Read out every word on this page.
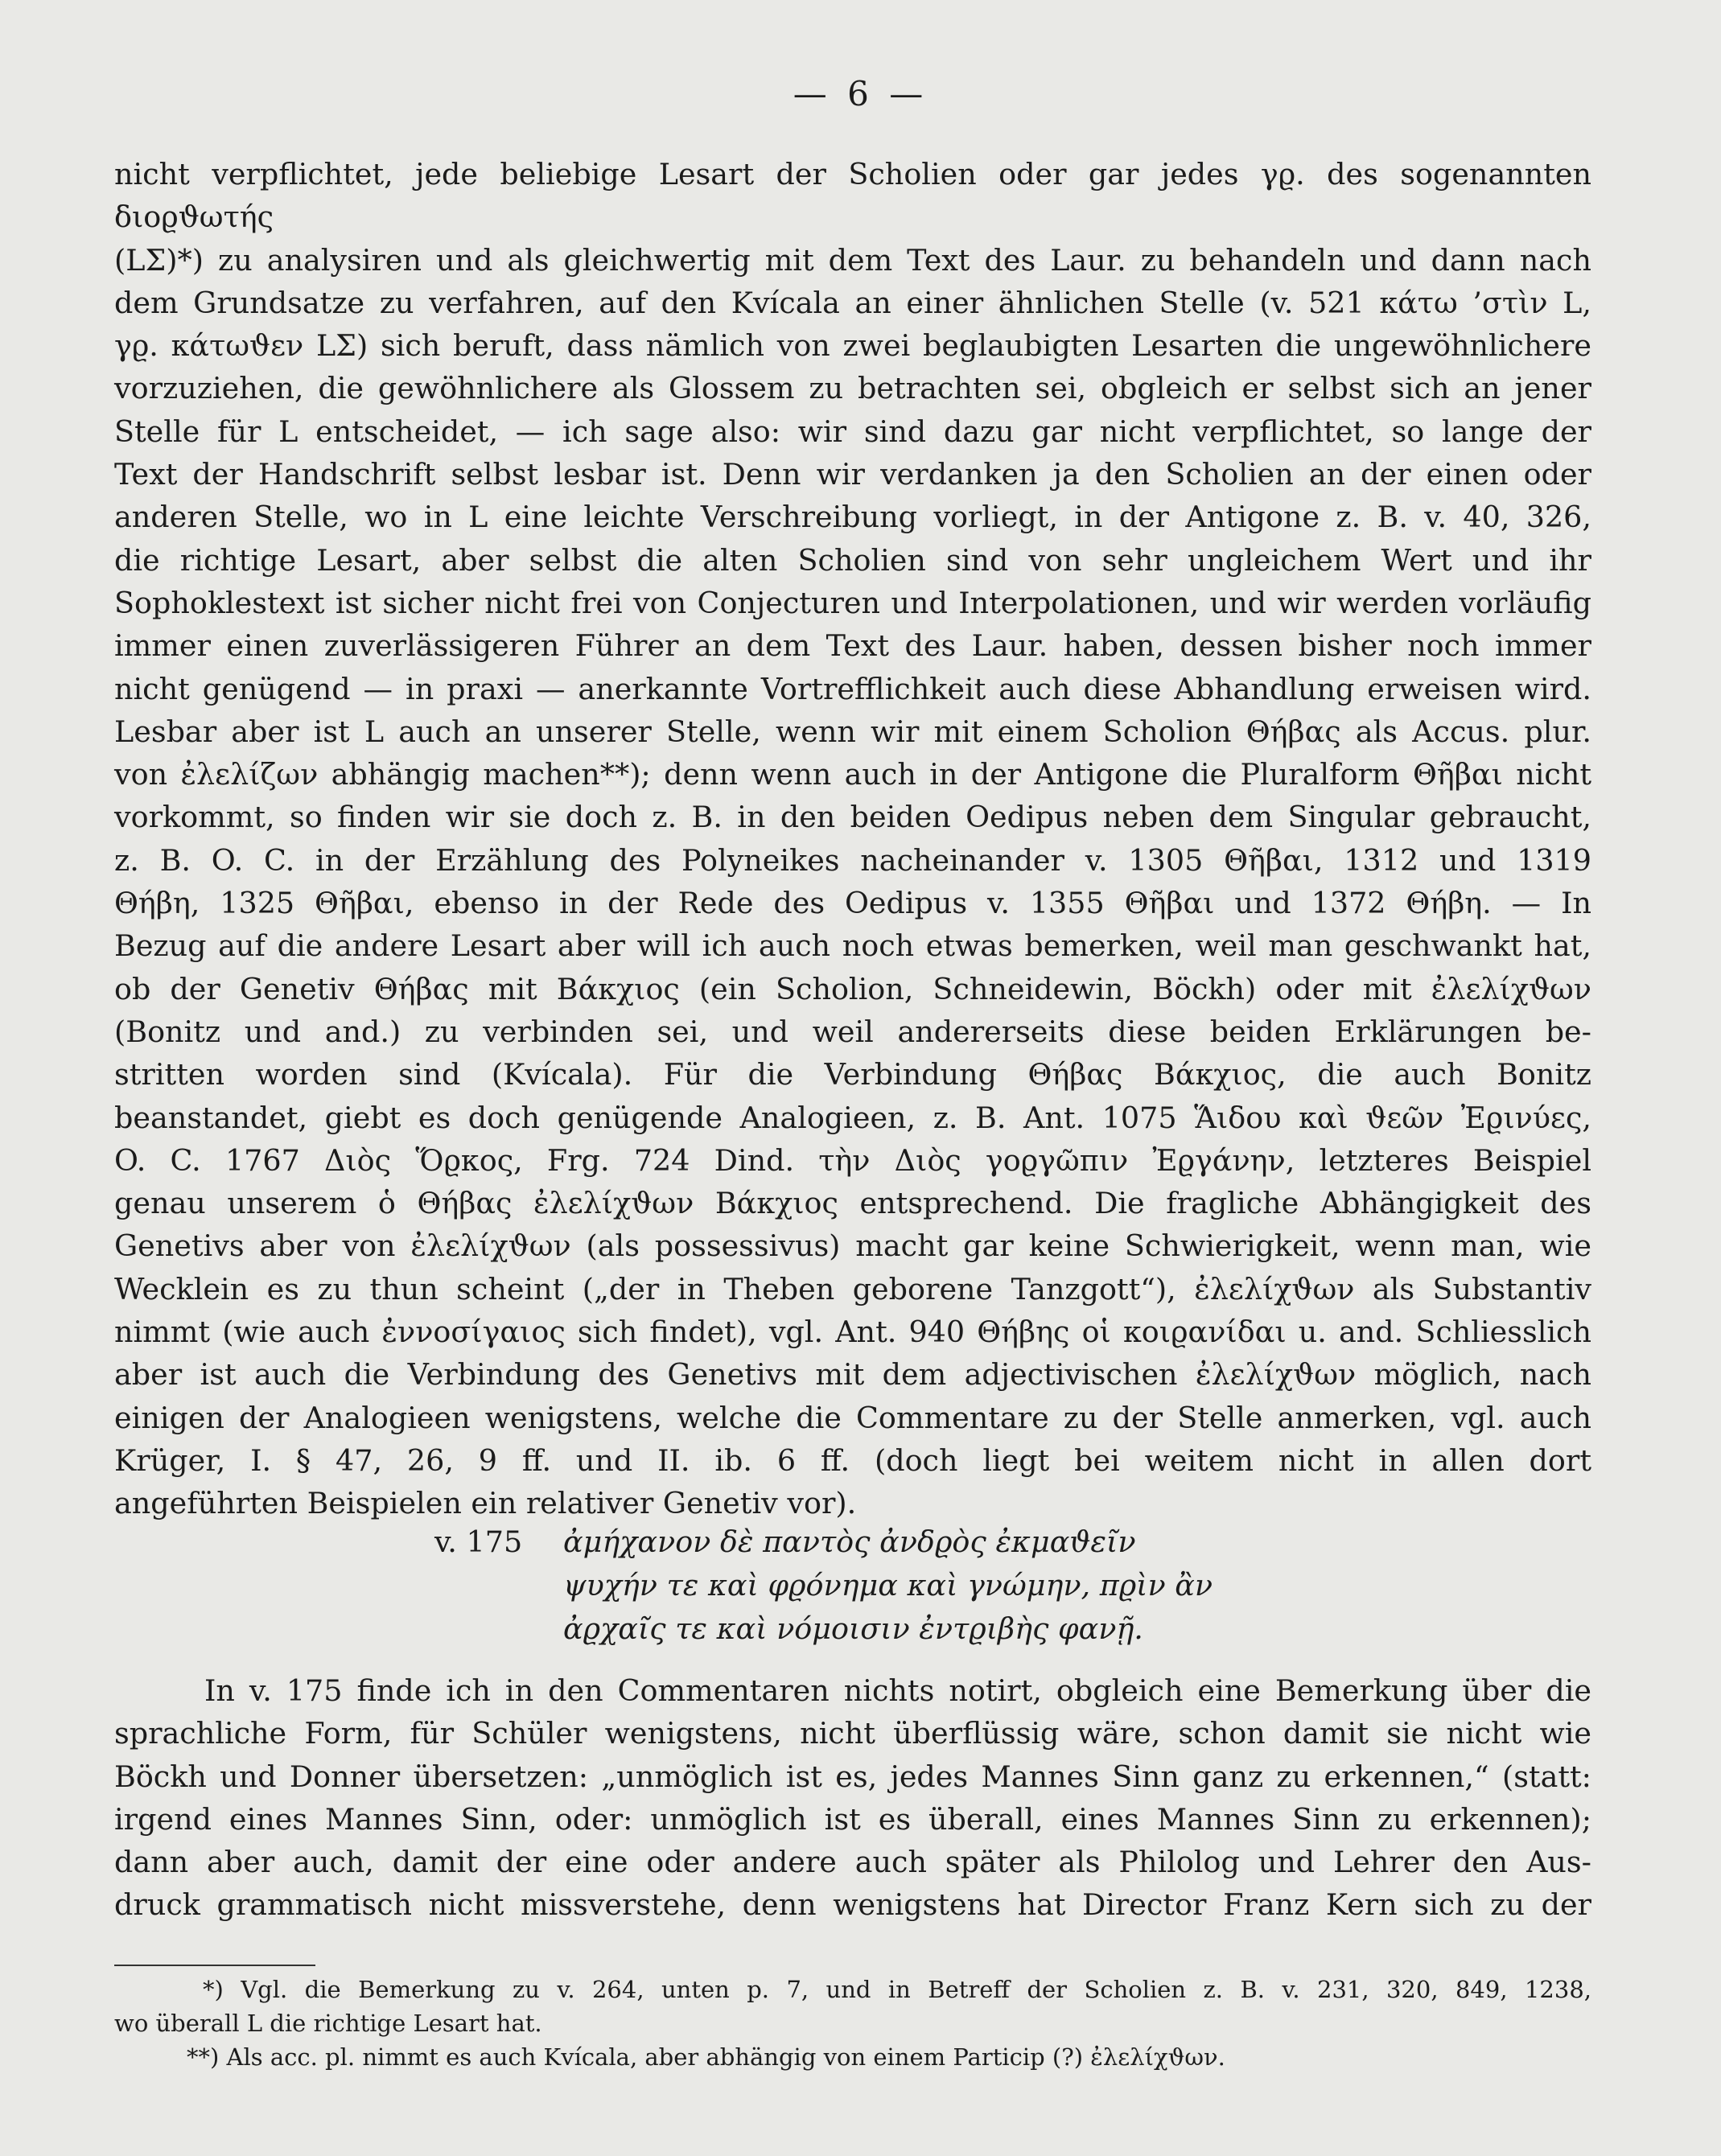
— 6 —

nicht verpflichtet, jede beliebige Lesart der Scholien oder gar jedes γϱ. des sogenannten διοϱϑωτής

(LΣ)*) zu analysiren und als gleichwertig mit dem Text des Laur. zu behandeln und dann nach

dem Grundsatze zu verfahren, auf den Kvícala an einer ähnlichen Stelle (v. 521 κάτω ’στὶν L,

γϱ. κάτωϑεν LΣ) sich beruft, dass nämlich von zwei beglaubigten Lesarten die ungewöhnlichere

vorzuziehen, die gewöhnlichere als Glossem zu betrachten sei, obgleich er selbst sich an jener

Stelle für L entscheidet, — ich sage also: wir sind dazu gar nicht verpflichtet, so lange der

Text der Handschrift selbst lesbar ist. Denn wir verdanken ja den Scholien an der einen oder

anderen Stelle, wo in L eine leichte Verschreibung vorliegt, in der Antigone z. B. v. 40, 326,

die richtige Lesart, aber selbst die alten Scholien sind von sehr ungleichem Wert und ihr

Sophoklestext ist sicher nicht frei von Conjecturen und Interpolationen, und wir werden vorläufig

immer einen zuverlässigeren Führer an dem Text des Laur. haben, dessen bisher noch immer

nicht genügend — in praxi — anerkannte Vortrefflichkeit auch diese Abhandlung erweisen wird.

Lesbar aber ist L auch an unserer Stelle, wenn wir mit einem Scholion Θήβας als Accus. plur.

von ἐλελίζων abhängig machen**); denn wenn auch in der Antigone die Pluralform Θῆβαι nicht

vorkommt, so finden wir sie doch z. B. in den beiden Oedipus neben dem Singular gebraucht,

z. B. O. C. in der Erzählung des Polyneikes nacheinander v. 1305 Θῆβαι, 1312 und 1319

Θήβη, 1325 Θῆβαι, ebenso in der Rede des Oedipus v. 1355 Θῆβαι und 1372 Θήβη. — In

Bezug auf die andere Lesart aber will ich auch noch etwas bemerken, weil man geschwankt hat,

ob der Genetiv Θήβας mit Βάκχιος (ein Scholion, Schneidewin, Böckh) oder mit ἐλελίχϑων

(Bonitz und and.) zu verbinden sei, und weil andererseits diese beiden Erklärungen be-

stritten worden sind (Kvícala). Für die Verbindung Θήβας Βάκχιος, die auch Bonitz

beanstandet, giebt es doch genügende Analogieen, z. B. Ant. 1075 Ἅιδου καὶ ϑεῶν Ἐϱινύες,

O. C. 1767 Διὸς Ὅϱκος, Frg. 724 Dind. τὴν Διὸς γοϱγῶπιν Ἐϱγάνην, letzteres Beispiel

genau unserem ὁ Θήβας ἐλελίχϑων Βάκχιος entsprechend. Die fragliche Abhängigkeit des

Genetivs aber von ἐλελίχϑων (als possessivus) macht gar keine Schwierigkeit, wenn man, wie

Wecklein es zu thun scheint („der in Theben geborene Tanzgott“), ἐλελίχϑων als Substantiv

nimmt (wie auch ἐννοσίγαιος sich findet), vgl. Ant. 940 Θήβης οἱ κοιϱανίδαι u. and. Schliesslich

aber ist auch die Verbindung des Genetivs mit dem adjectivischen ἐλελίχϑων möglich, nach

einigen der Analogieen wenigstens, welche die Commentare zu der Stelle anmerken, vgl. auch

Krüger, I. § 47, 26, 9 ff. und II. ib. 6 ff. (doch liegt bei weitem nicht in allen dort

angeführten Beispielen ein relativer Genetiv vor).

v. 175 ἀμήχανον δὲ παντὸς ἀνδϱὸς ἐκμαϑεῖν
ψυχήν τε καὶ φϱόνημα καὶ γνώμην, πϱὶν ἂν
ἀϱχαῖς τε καὶ νόμοισιν ἐντϱιβὴς φανῇ.

In v. 175 finde ich in den Commentaren nichts notirt, obgleich eine Bemerkung über die

sprachliche Form, für Schüler wenigstens, nicht überflüssig wäre, schon damit sie nicht wie

Böckh und Donner übersetzen: „unmöglich ist es, jedes Mannes Sinn ganz zu erkennen,“ (statt:

irgend eines Mannes Sinn, oder: unmöglich ist es überall, eines Mannes Sinn zu erkennen);

dann aber auch, damit der eine oder andere auch später als Philolog und Lehrer den Aus-

druck grammatisch nicht missverstehe, denn wenigstens hat Director Franz Kern sich zu der

*) Vgl. die Bemerkung zu v. 264, unten p. 7, und in Betreff der Scholien z. B. v. 231, 320, 849, 1238,

wo überall L die richtige Lesart hat.

**) Als acc. pl. nimmt es auch Kvícala, aber abhängig von einem Particip (?) ἐλελίχϑων.
